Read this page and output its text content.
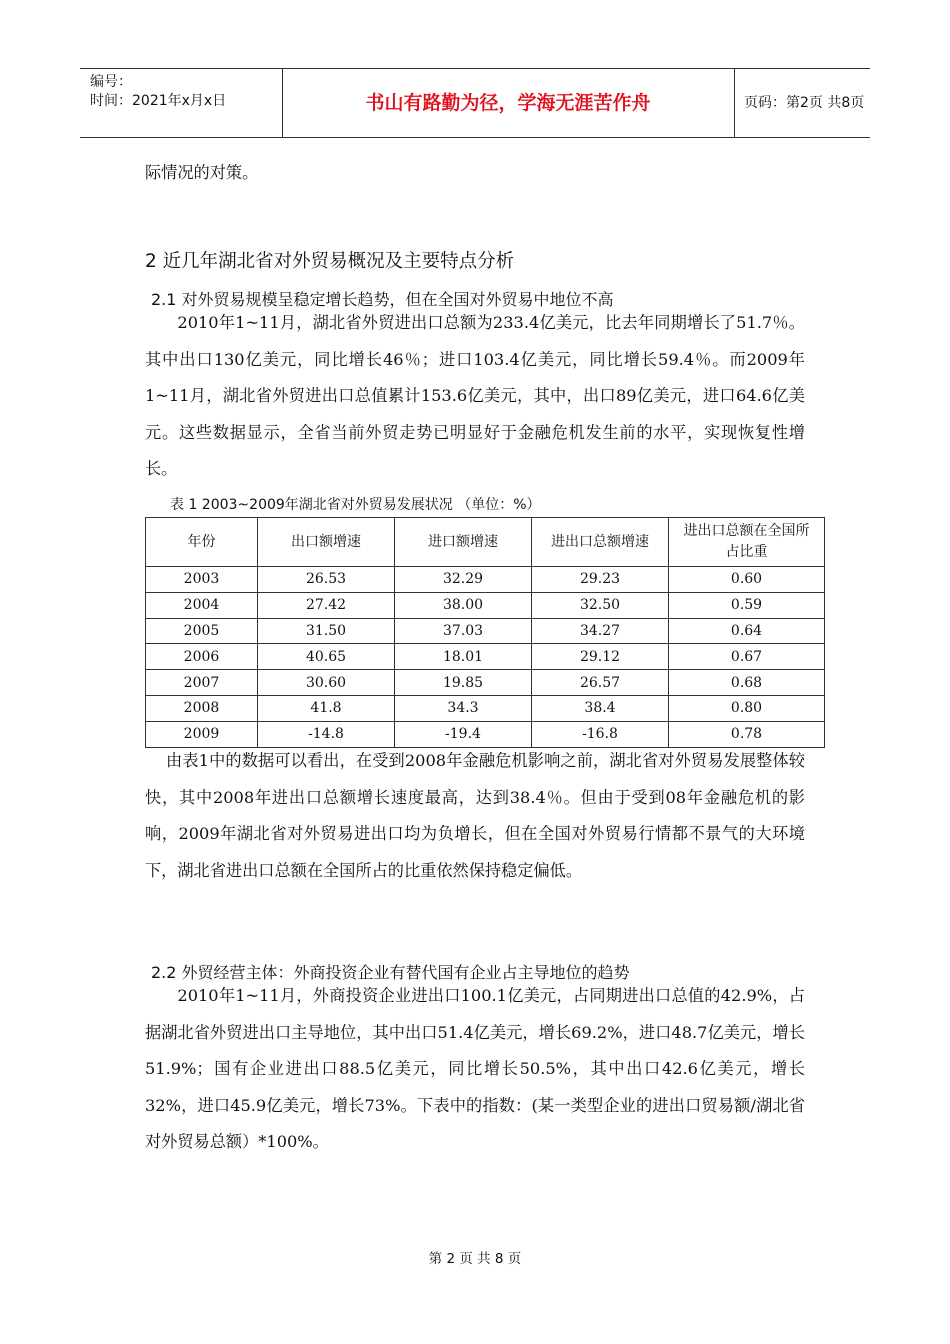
编号：
时间：2021年x月x日	书山有路勤为径，学海无涯苦作舟	页码：第2页 共8页

际情况的对策。

2 近几年湖北省对外贸易概况及主要特点分析
2.1 对外贸易规模呈稳定增长趋势，但在全国对外贸易中地位不高

2010年1~11月，湖北省外贸进出口总额为233.4亿美元，比去年同期增长了51.7％。其中出口130亿美元，同比增长46％；进口103.4亿美元，同比增长59.4％。而2009年1~11月，湖北省外贸进出口总值累计153.6亿美元，其中，出口89亿美元，进口64.6亿美元。这些数据显示，全省当前外贸走势已明显好于金融危机发生前的水平，实现恢复性增长。

表 1 2003~2009年湖北省对外贸易发展状况 （单位：%）
年份	出口额增速	进口额增速	进出口总额增速	进出口总额在全国所占比重
2003	26.53	32.29	29.23	0.60
2004	27.42	38.00	32.50	0.59
2005	31.50	37.03	34.27	0.64
2006	40.65	18.01	29.12	0.67
2007	30.60	19.85	26.57	0.68
2008	41.8	34.3	38.4	0.80
2009	-14.8	-19.4	-16.8	0.78

由表1中的数据可以看出，在受到2008年金融危机影响之前，湖北省对外贸易发展整体较快，其中2008年进出口总额增长速度最高，达到38.4％。但由于受到08年金融危机的影响，2009年湖北省对外贸易进出口均为负增长，但在全国对外贸易行情都不景气的大环境下，湖北省进出口总额在全国所占的比重依然保持稳定偏低。

2.2 外贸经营主体：外商投资企业有替代国有企业占主导地位的趋势

2010年1~11月，外商投资企业进出口100.1亿美元，占同期进出口总值的42.9%，占据湖北省外贸进出口主导地位，其中出口51.4亿美元，增长69.2%，进口48.7亿美元，增长51.9%；国有企业进出口88.5亿美元，同比增长50.5%，其中出口42.6亿美元，增长32%，进口45.9亿美元，增长73%。下表中的指数：(某一类型企业的进出口贸易额/湖北省对外贸易总额）*100%。

第 2 页 共 8 页
